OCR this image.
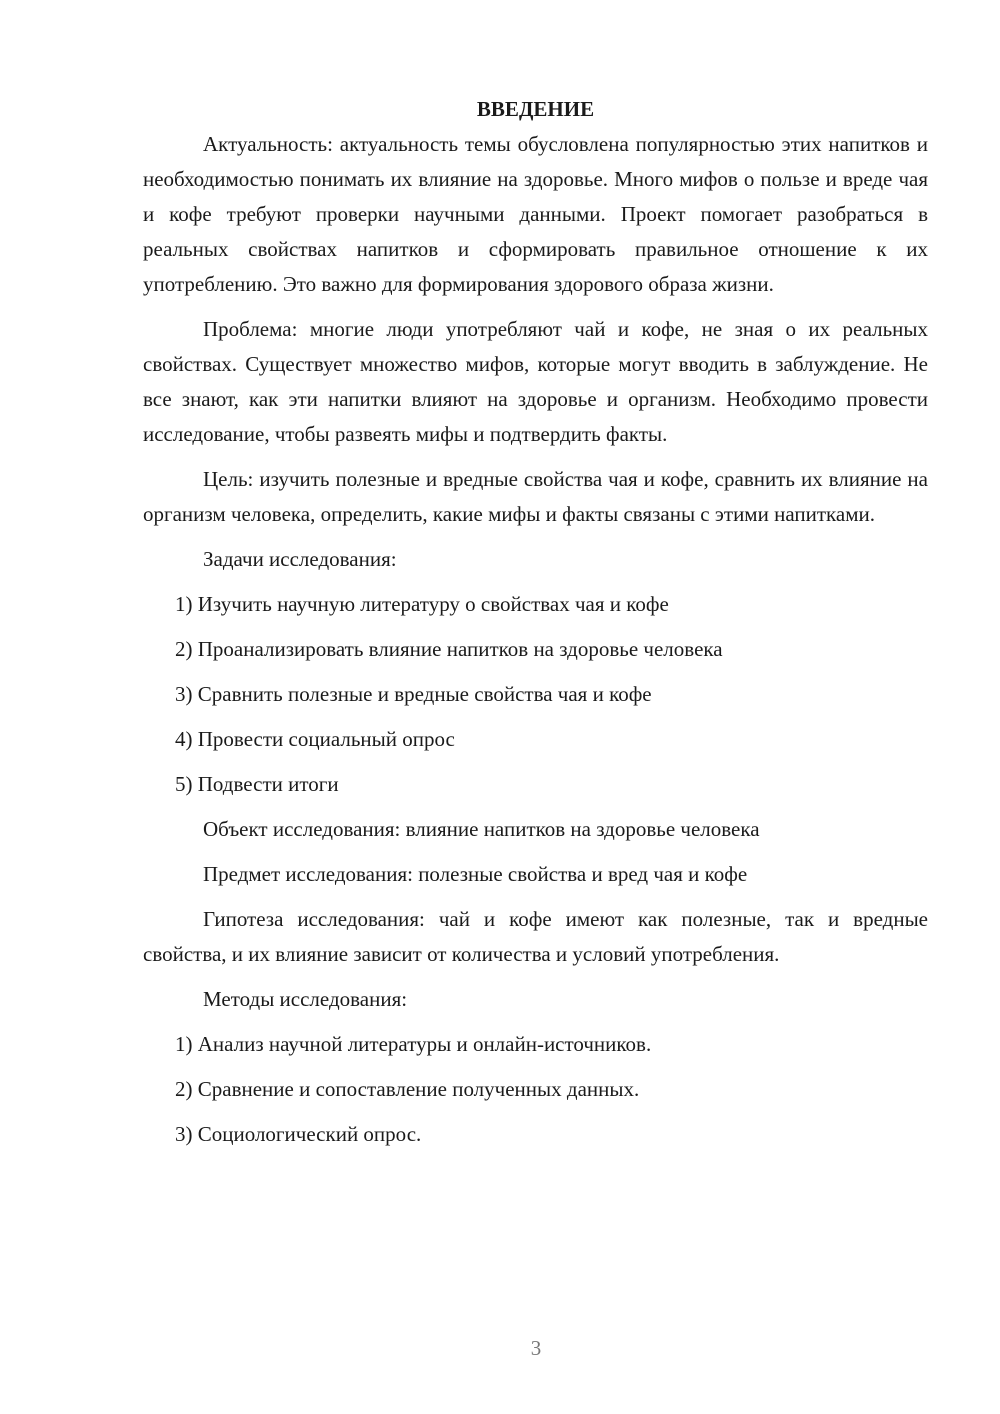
ВВЕДЕНИЕ

Актуальность: актуальность темы обусловлена популярностью этих напитков и необходимостью понимать их влияние на здоровье. Много мифов о пользе и вреде чая и кофе требуют проверки научными данными. Проект помогает разобраться в реальных свойствах напитков и сформировать правильное отношение к их употреблению. Это важно для формирования здорового образа жизни.

Проблема: многие люди употребляют чай и кофе, не зная о их реальных свойствах. Существует множество мифов, которые могут вводить в заблуждение. Не все знают, как эти напитки влияют на здоровье и организм. Необходимо провести исследование, чтобы развеять мифы и подтвердить факты.

Цель: изучить полезные и вредные свойства чая и кофе, сравнить их влияние на организм человека, определить, какие мифы и факты связаны с этими напитками.

Задачи исследования:

1) Изучить научную литературу о свойствах чая и кофе

2) Проанализировать влияние напитков на здоровье человека

3) Сравнить полезные и вредные свойства чая и кофе

4) Провести социальный опрос

5) Подвести итоги

Объект исследования: влияние напитков на здоровье человека

Предмет исследования: полезные свойства и вред чая и кофе

Гипотеза исследования: чай и кофе имеют как полезные, так и вредные свойства, и их влияние зависит от количества и условий употребления.

Методы исследования:

1) Анализ научной литературы и онлайн-источников.

2) Сравнение и сопоставление полученных данных.

3) Социологический опрос.

3
